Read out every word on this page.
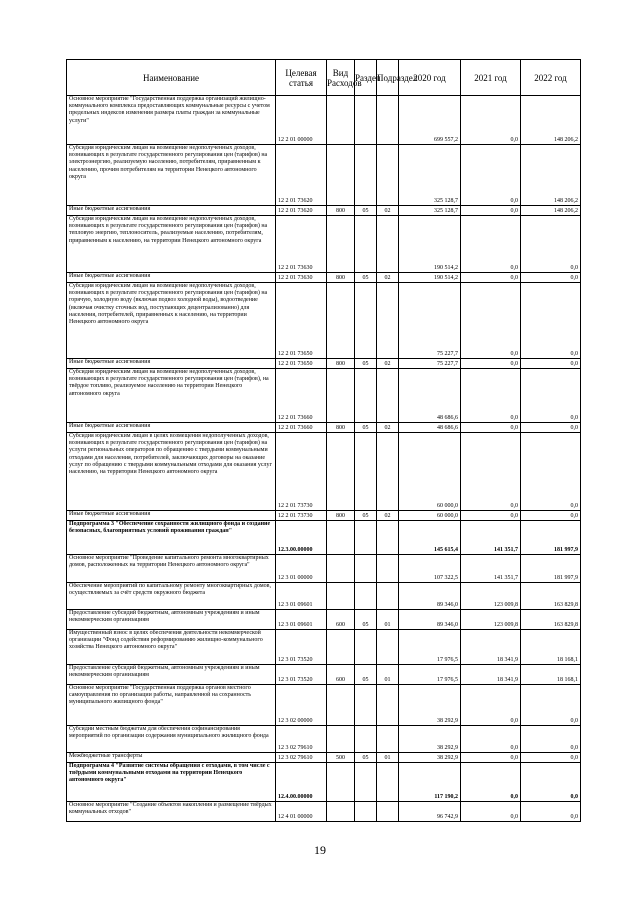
Наименование	Целевая статья	Вид Расходов	Раздел	Подраздел	2020 год	2021 год	2022 год
Основное мероприятие "Государственная поддержка организаций жилищно-коммунального комплекса предоставляющих коммунальные ресурсы с учетом предельных индексов изменения размера платы граждан за коммунальные услуги"	12 2 01 00000				699 557,2	0,0	148 206,2
Субсидия юридическим лицам на возмещение недополученных доходов, возникающих в результате государственного регулирования цен (тарифов) на электроэнергию, реализуемую населению, потребителям, приравненным к населению, прочим потребителям на территории Ненецкого автономного округа	12 2 01 73620				325 128,7	0,0	148 206,2
Иные бюджетные ассигнования	12 2 01 73620	800	05	02	325 128,7	0,0	148 206,2
Субсидия юридическим лицам на возмещение недополученных доходов, возникающих в результате государственного регулирования цен (тарифов) на тепловую энергию, теплоноситель, реализуемые населению, потребителям, приравненным к населению, на территории Ненецкого автономного округа	12 2 01 73630				190 514,2	0,0	0,0
Иные бюджетные ассигнования	12 2 01 73630	800	05	02	190 514,2	0,0	0,0
Субсидия юридическим лицам на возмещение недополученных доходов, возникающих в результате государственного регулирования цен (тарифов) на горячую, холодную воду (включая подвоз холодной воды), водоотведение (включая очистку сточных вод, поступающих децентрализованно) для населения, потребителей, приравненных к населению, на территории Ненецкого автономного округа	12 2 01 73650				75 227,7	0,0	0,0
Иные бюджетные ассигнования	12 2 01 73650	800	05	02	75 227,7	0,0	0,0
Субсидия юридическим лицам на возмещение недополученных доходов, возникающих в результате государственного регулирования цен (тарифов), на твёрдое топливо, реализуемое населению на территории Ненецкого автономного округа	12 2 01 73660				48 686,6	0,0	0,0
Иные бюджетные ассигнования	12 2 01 73660	800	05	02	48 686,6	0,0	0,0
Субсидия юридическим лицам в целях возмещения недополученных доходов, возникающих в результате государственного регулирования цен (тарифов) на услуги региональных операторов по обращению с твердыми коммунальными отходами для населения, потребителей, заключающих договоры на оказание услуг по обращению с твердыми коммунальными отходами для оказания услуг населению, на территории Ненецкого автономного округа	12 2 01 73730				60 000,0	0,0	0,0
Иные бюджетные ассигнования	12 2 01 73730	800	05	02	60 000,0	0,0	0,0
Подпрограмма 3 "Обеспечение сохранности жилищного фонда и создание безопасных, благоприятных условий проживания граждан"	12.3.00.00000				145 615,4	141 351,7	181 997,9
Основное мероприятие "Проведение капитального ремонта многоквартирных домов, расположенных на территории Ненецкого автономного округа"	12 3 01 00000				107 322,5	141 351,7	181 997,9
Обеспечение мероприятий по капитальному ремонту многоквартирных домов, осуществляемых за счёт средств окружного бюджета	12 3 01 09601				89 346,0	123 009,8	163 829,8
Предоставление субсидий бюджетным, автономным учреждениям и иным некоммерческим организациям	12 3 01 09601	600	05	01	89 346,0	123 009,8	163 829,8
Имущественный взнос в целях обеспечения деятельности некоммерческой организации "Фонд содействия реформированию жилищно-коммунального хозяйства Ненецкого автономного округа"	12 3 01 73520				17 976,5	18 341,9	18 168,1
Предоставление субсидий бюджетным, автономным учреждениям и иным некоммерческим организациям	12 3 01 73520	600	05	01	17 976,5	18 341,9	18 168,1
Основное мероприятие "Государственная поддержка органов местного самоуправления по организации работы, направленной на сохранность муниципального жилищного фонда"	12 3 02 00000				38 292,9	0,0	0,0
Субсидии местным бюджетам для обеспечения софинансирования мероприятий по организации содержания муниципального жилищного фонда	12 3 02 79610				38 292,9	0,0	0,0
Межбюджетные трансферты	12 3 02 79610	500	05	01	38 292,9	0,0	0,0
Подпрограмма 4 "Развитие системы обращения с отходами, в том числе с твёрдыми коммунальными отходами на территории Ненецкого автономного округа"	12.4.00.00000				117 190,2	0,0	0,0
Основное мероприятие "Создание объектов накопления и размещение твёрдых коммунальных отходов"	12 4 01 00000				96 742,9	0,0	0,0
19
